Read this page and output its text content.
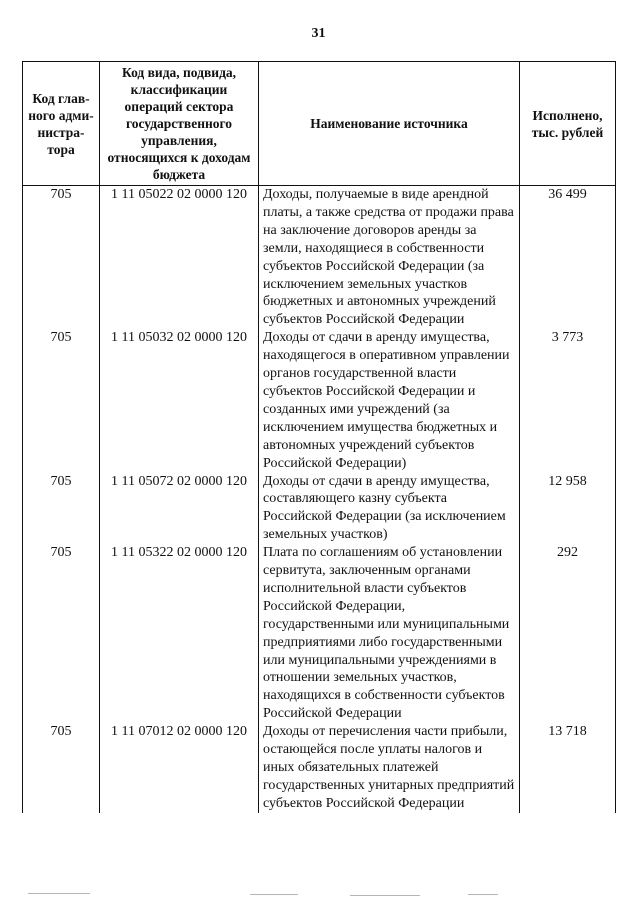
31
Код глав-ного адми-нистра-тора	Код вида, подвида, классификации операций сектора государственного управления, относящихся к доходам бюджета	Наименование источника	Исполнено, тыс. рублей
705	1 11 05022 02 0000 120	Доходы, получаемые в виде арендной платы, а также средства от продажи права на заключение договоров аренды за земли, находящиеся в собственности субъектов Российской Федерации (за исключением земельных участков бюджетных и автономных учреждений субъектов Российской Федерации	36 499
705	1 11 05032 02 0000 120	Доходы от сдачи в аренду имущества, находящегося в оперативном управлении органов государственной власти субъектов Российской Федерации и созданных ими учреждений (за исключением имущества бюджетных и автономных учреждений субъектов Российской Федерации)	3 773
705	1 11 05072 02 0000 120	Доходы от сдачи в аренду имущества, составляющего казну субъекта Российской Федерации (за исключением земельных участков)	12 958
705	1 11 05322 02 0000 120	Плата по соглашениям об установлении сервитута, заключенным органами исполнительной власти субъектов Российской Федерации, государственными или муниципальными предприятиями либо государственными или муниципальными учреждениями в отношении земельных участков, находящихся в собственности субъектов Российской Федерации	292
705	1 11 07012 02 0000 120	Доходы от перечисления части прибыли, остающейся после уплаты налогов и иных обязательных платежей государственных унитарных предприятий субъектов Российской Федерации	13 718
